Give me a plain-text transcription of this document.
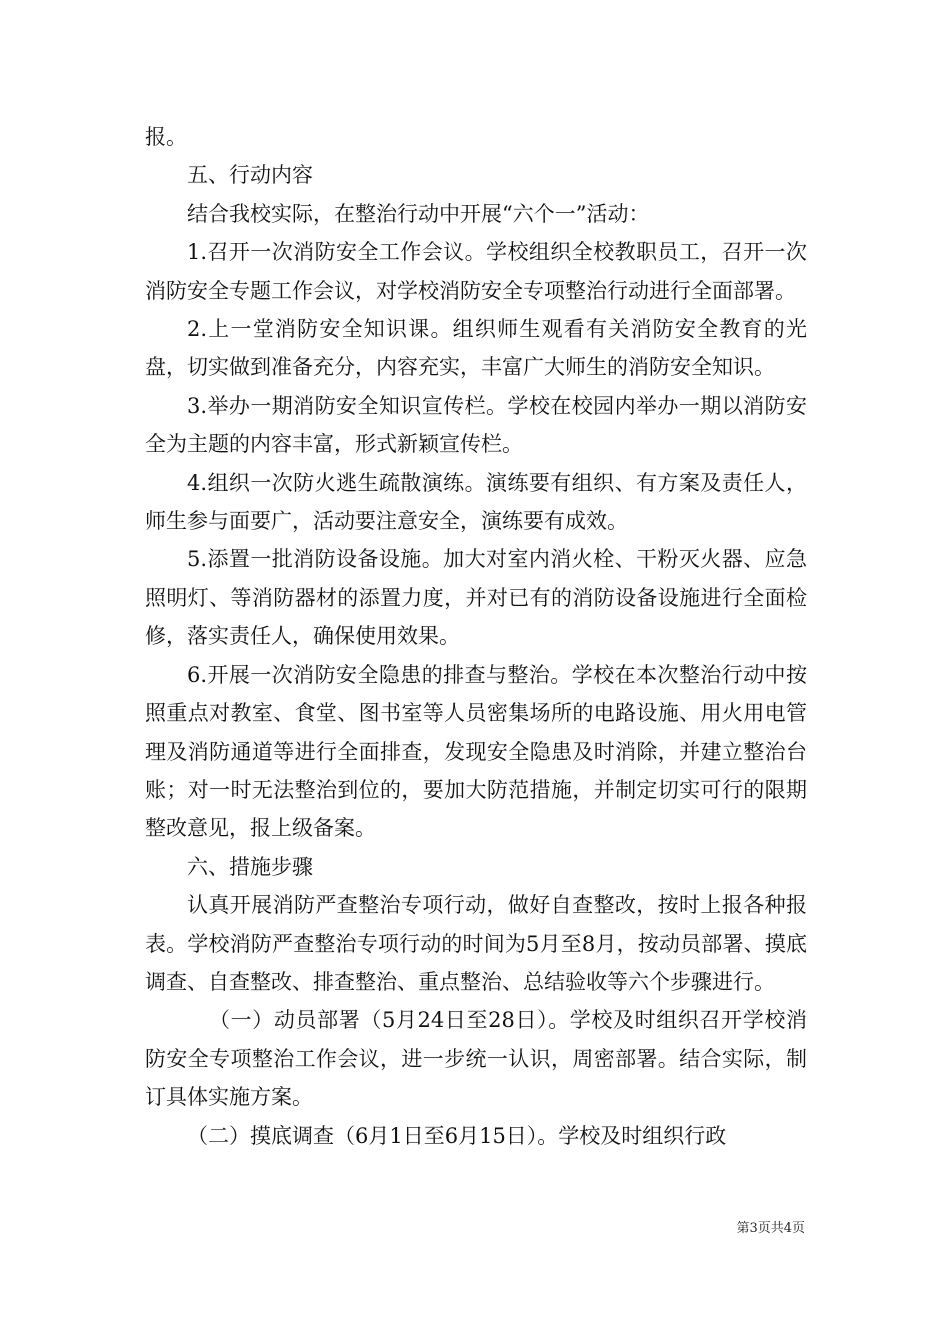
报。

五、行动内容

结合我校实际，在整治行动中开展“六个一”活动：

1.召开一次消防安全工作会议。学校组织全校教职员工，召开一次消防安全专题工作会议，对学校消防安全专项整治行动进行全面部署。

2.上一堂消防安全知识课。组织师生观看有关消防安全教育的光盘，切实做到准备充分，内容充实，丰富广大师生的消防安全知识。

3.举办一期消防安全知识宣传栏。学校在校园内举办一期以消防安全为主题的内容丰富，形式新颖宣传栏。

4.组织一次防火逃生疏散演练。演练要有组织、有方案及责任人，师生参与面要广，活动要注意安全，演练要有成效。

5.添置一批消防设备设施。加大对室内消火栓、干粉灭火器、应急照明灯、等消防器材的添置力度，并对已有的消防设备设施进行全面检修，落实责任人，确保使用效果。

6.开展一次消防安全隐患的排查与整治。学校在本次整治行动中按照重点对教室、食堂、图书室等人员密集场所的电路设施、用火用电管理及消防通道等进行全面排查，发现安全隐患及时消除，并建立整治台账；对一时无法整治到位的，要加大防范措施，并制定切实可行的限期整改意见，报上级备案。

六、措施步骤

认真开展消防严查整治专项行动，做好自查整改，按时上报各种报表。学校消防严查整治专项行动的时间为5月至8月，按动员部署、摸底调查、自查整改、排查整治、重点整治、总结验收等六个步骤进行。

（一）动员部署（5月24日至28日）。学校及时组织召开学校消防安全专项整治工作会议，进一步统一认识，周密部署。结合实际，制订具体实施方案。

（二）摸底调查（6月1日至6月15日）。学校及时组织行政

第3页共4页
